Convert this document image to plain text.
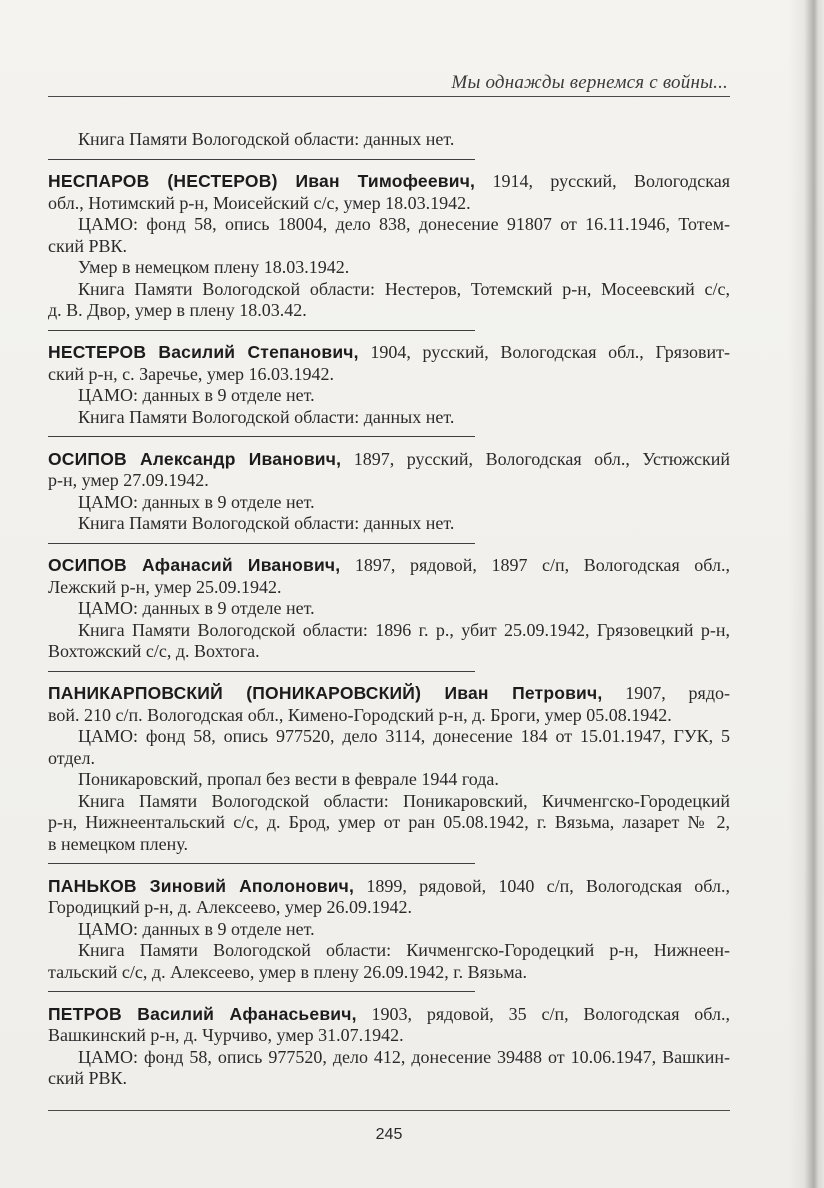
Мы однажды вернемся с войны...
Книга Памяти Вологодской области: данных нет.
НЕСПАРОВ (НЕСТЕРОВ) Иван Тимофеевич, 1914, русский, Вологодская
обл., Нотимский р-н, Моисейский с/с, умер 18.03.1942.
ЦАМО: фонд 58, опись 18004, дело 838, донесение 91807 от 16.11.1946, Тотем-
ский РВК.
Умер в немецком плену 18.03.1942.
Книга Памяти Вологодской области: Нестеров, Тотемский р-н, Мосеевский с/с,
д. В. Двор, умер в плену 18.03.42.
НЕСТЕРОВ Василий Степанович, 1904, русский, Вологодская обл., Грязовит-
ский р-н, с. Заречье, умер 16.03.1942.
ЦАМО: данных в 9 отделе нет.
Книга Памяти Вологодской области: данных нет.
ОСИПОВ Александр Иванович, 1897, русский, Вологодская обл., Устюжский
р-н, умер 27.09.1942.
ЦАМО: данных в 9 отделе нет.
Книга Памяти Вологодской области: данных нет.
ОСИПОВ Афанасий Иванович, 1897, рядовой, 1897 с/п, Вологодская обл.,
Лежский р-н, умер 25.09.1942.
ЦАМО: данных в 9 отделе нет.
Книга Памяти Вологодской области: 1896 г. р., убит 25.09.1942, Грязовецкий р-н,
Вохтожский с/с, д. Вохтога.
ПАНИКАРПОВСКИЙ (ПОНИКАРОВСКИЙ) Иван Петрович, 1907, рядо-
вой. 210 с/п. Вологодская обл., Кимено-Городский р-н, д. Броги, умер 05.08.1942.
ЦАМО: фонд 58, опись 977520, дело 3114, донесение 184 от 15.01.1947, ГУК, 5
отдел.
Поникаровский, пропал без вести в феврале 1944 года.
Книга Памяти Вологодской области: Поникаровский, Кичменгско-Городецкий
р-н, Нижнеентальский с/с, д. Брод, умер от ран 05.08.1942, г. Вязьма, лазарет № 2,
в немецком плену.
ПАНЬКОВ Зиновий Аполонович, 1899, рядовой, 1040 с/п, Вологодская обл.,
Городицкий р-н, д. Алексеево, умер 26.09.1942.
ЦАМО: данных в 9 отделе нет.
Книга Памяти Вологодской области: Кичменгско-Городецкий р-н, Нижнеен-
тальский с/с, д. Алексеево, умер в плену 26.09.1942, г. Вязьма.
ПЕТРОВ Василий Афанасьевич, 1903, рядовой, 35 с/п, Вологодская обл.,
Вашкинский р-н, д. Чурчиво, умер 31.07.1942.
ЦАМО: фонд 58, опись 977520, дело 412, донесение 39488 от 10.06.1947, Вашкин-
ский РВК.
245
